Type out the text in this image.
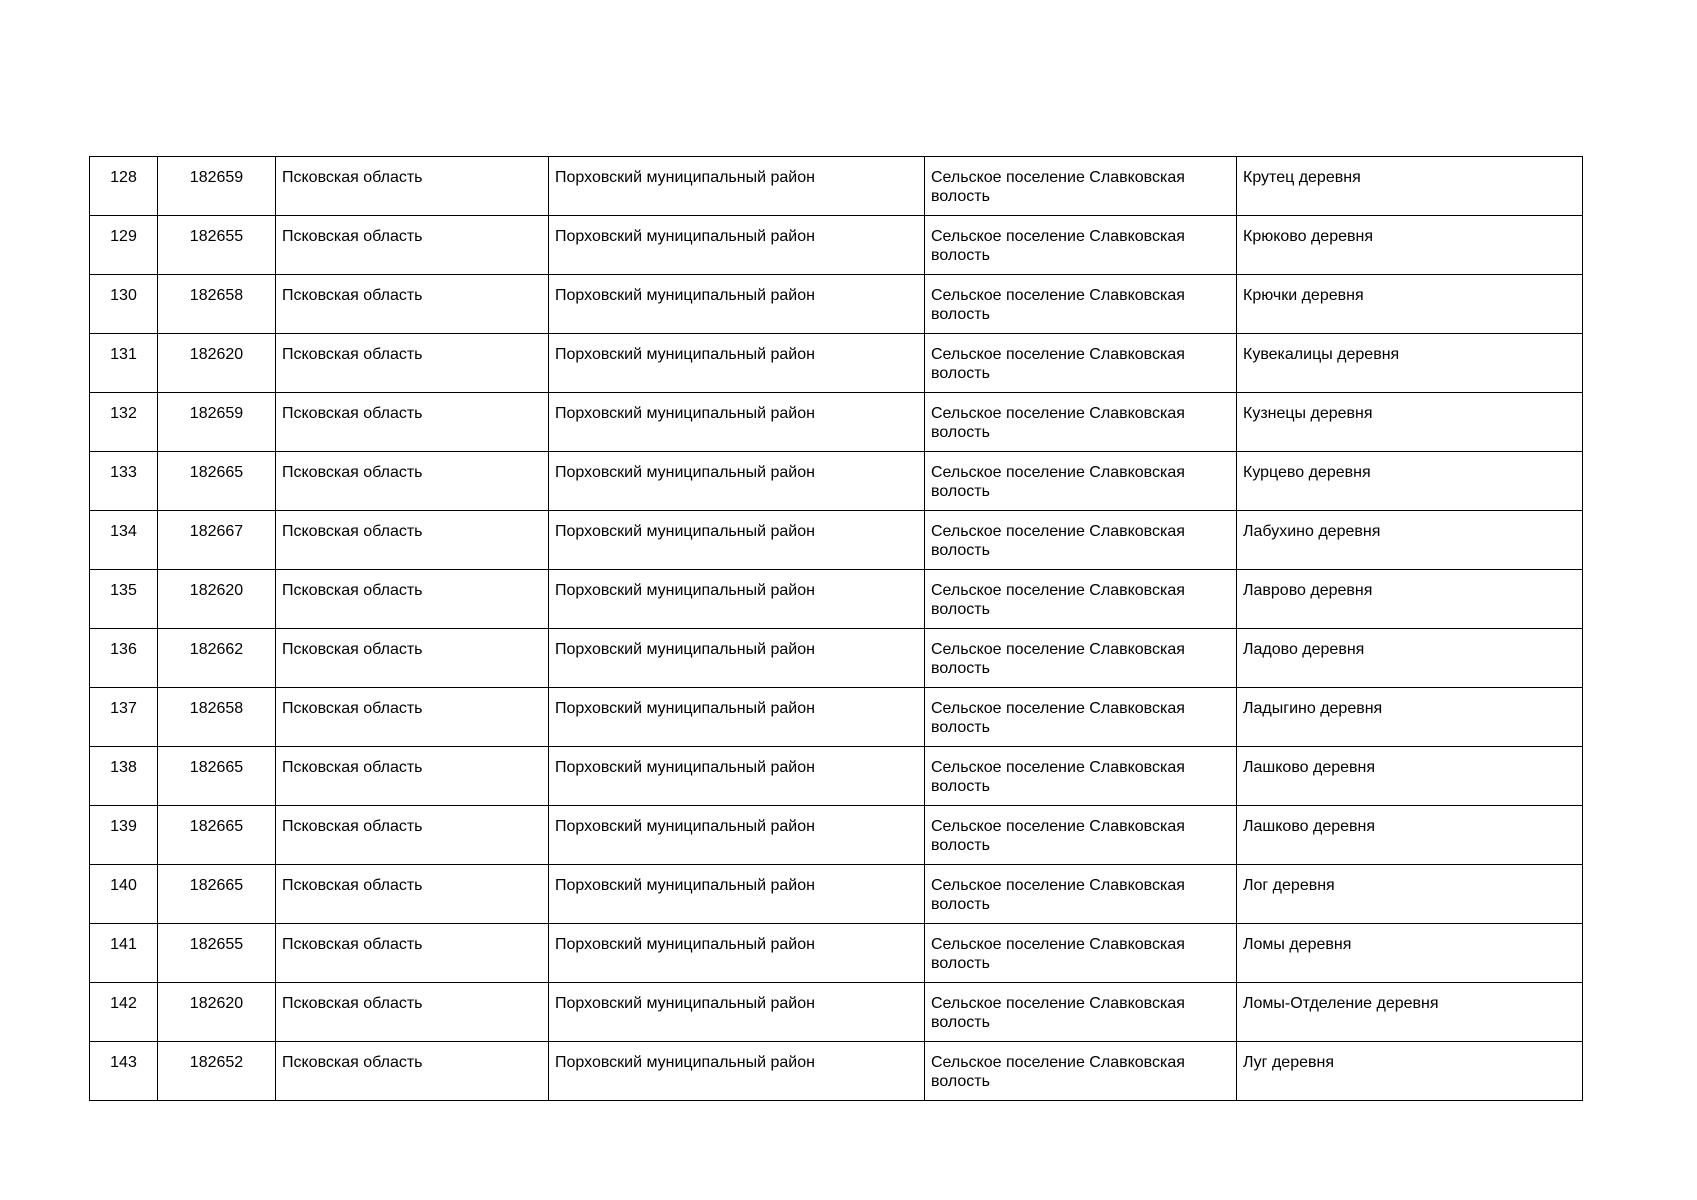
128	182659	Псковская область	Порховский муниципальный район	Сельское поселение Славковская волость	Крутец деревня
129	182655	Псковская область	Порховский муниципальный район	Сельское поселение Славковская волость	Крюково деревня
130	182658	Псковская область	Порховский муниципальный район	Сельское поселение Славковская волость	Крючки деревня
131	182620	Псковская область	Порховский муниципальный район	Сельское поселение Славковская волость	Кувекалицы деревня
132	182659	Псковская область	Порховский муниципальный район	Сельское поселение Славковская волость	Кузнецы деревня
133	182665	Псковская область	Порховский муниципальный район	Сельское поселение Славковская волость	Курцево деревня
134	182667	Псковская область	Порховский муниципальный район	Сельское поселение Славковская волость	Лабухино деревня
135	182620	Псковская область	Порховский муниципальный район	Сельское поселение Славковская волость	Лаврово деревня
136	182662	Псковская область	Порховский муниципальный район	Сельское поселение Славковская волость	Ладово деревня
137	182658	Псковская область	Порховский муниципальный район	Сельское поселение Славковская волость	Ладыгино деревня
138	182665	Псковская область	Порховский муниципальный район	Сельское поселение Славковская волость	Лашково деревня
139	182665	Псковская область	Порховский муниципальный район	Сельское поселение Славковская волость	Лашково деревня
140	182665	Псковская область	Порховский муниципальный район	Сельское поселение Славковская волость	Лог деревня
141	182655	Псковская область	Порховский муниципальный район	Сельское поселение Славковская волость	Ломы деревня
142	182620	Псковская область	Порховский муниципальный район	Сельское поселение Славковская волость	Ломы-Отделение деревня
143	182652	Псковская область	Порховский муниципальный район	Сельское поселение Славковская волость	Луг деревня
